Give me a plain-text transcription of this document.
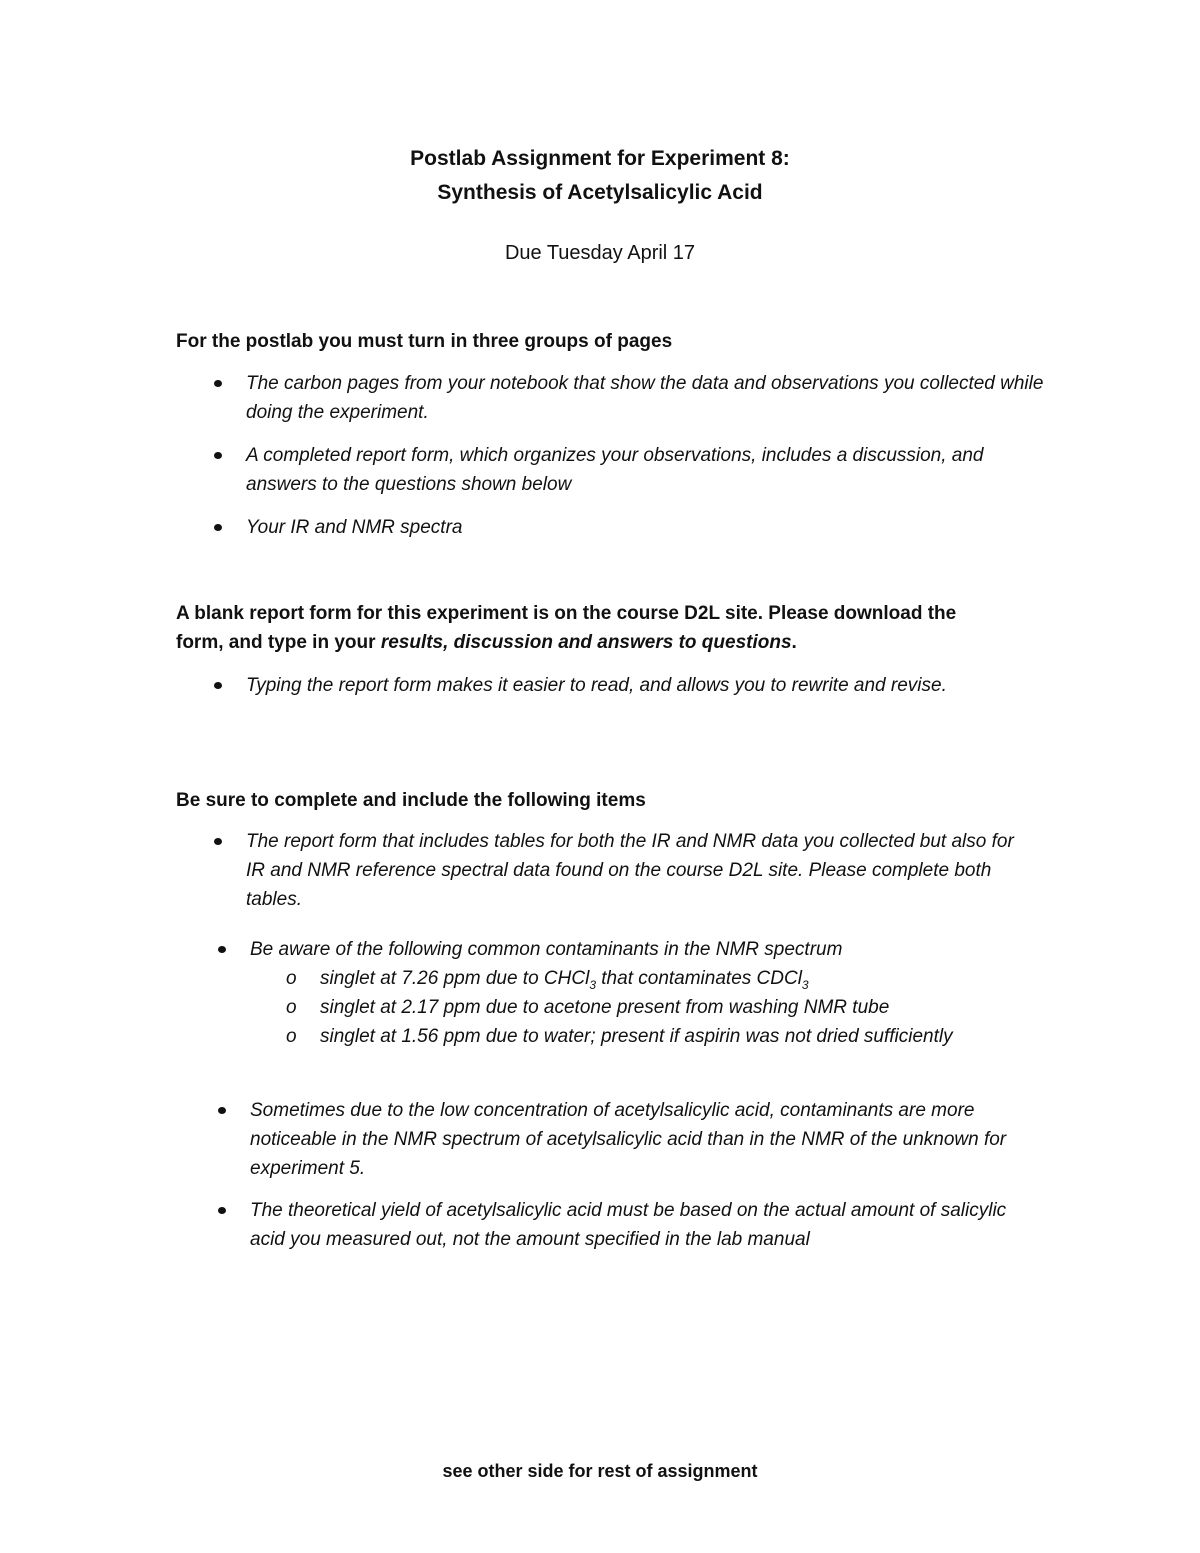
Postlab Assignment for Experiment 8:
Synthesis of Acetylsalicylic Acid
Due Tuesday April 17
For the postlab you must turn in three groups of pages
The carbon pages from your notebook that show the data and observations you collected while doing the experiment.
A completed report form, which organizes your observations, includes a discussion, and answers to the questions shown below
Your IR and NMR spectra
A blank report form for this experiment is on the course D2L site. Please download the form, and type in your results, discussion and answers to questions.
Typing the report form makes it easier to read, and allows you to rewrite and revise.
Be sure to complete and include the following items
The report form that includes tables for both the IR and NMR data you collected but also for IR and NMR reference spectral data found on the course D2L site. Please complete both tables.
Be aware of the following common contaminants in the NMR spectrum
o singlet at 7.26 ppm due to CHCl$_3$ that contaminates CDCl$_3$
o singlet at 2.17 ppm due to acetone present from washing NMR tube
o singlet at 1.56 ppm due to water; present if aspirin was not dried sufficiently
Sometimes due to the low concentration of acetylsalicylic acid, contaminants are more noticeable in the NMR spectrum of acetylsalicylic acid than in the NMR of the unknown for experiment 5.
The theoretical yield of acetylsalicylic acid must be based on the actual amount of salicylic acid you measured out, not the amount specified in the lab manual
see other side for rest of assignment
